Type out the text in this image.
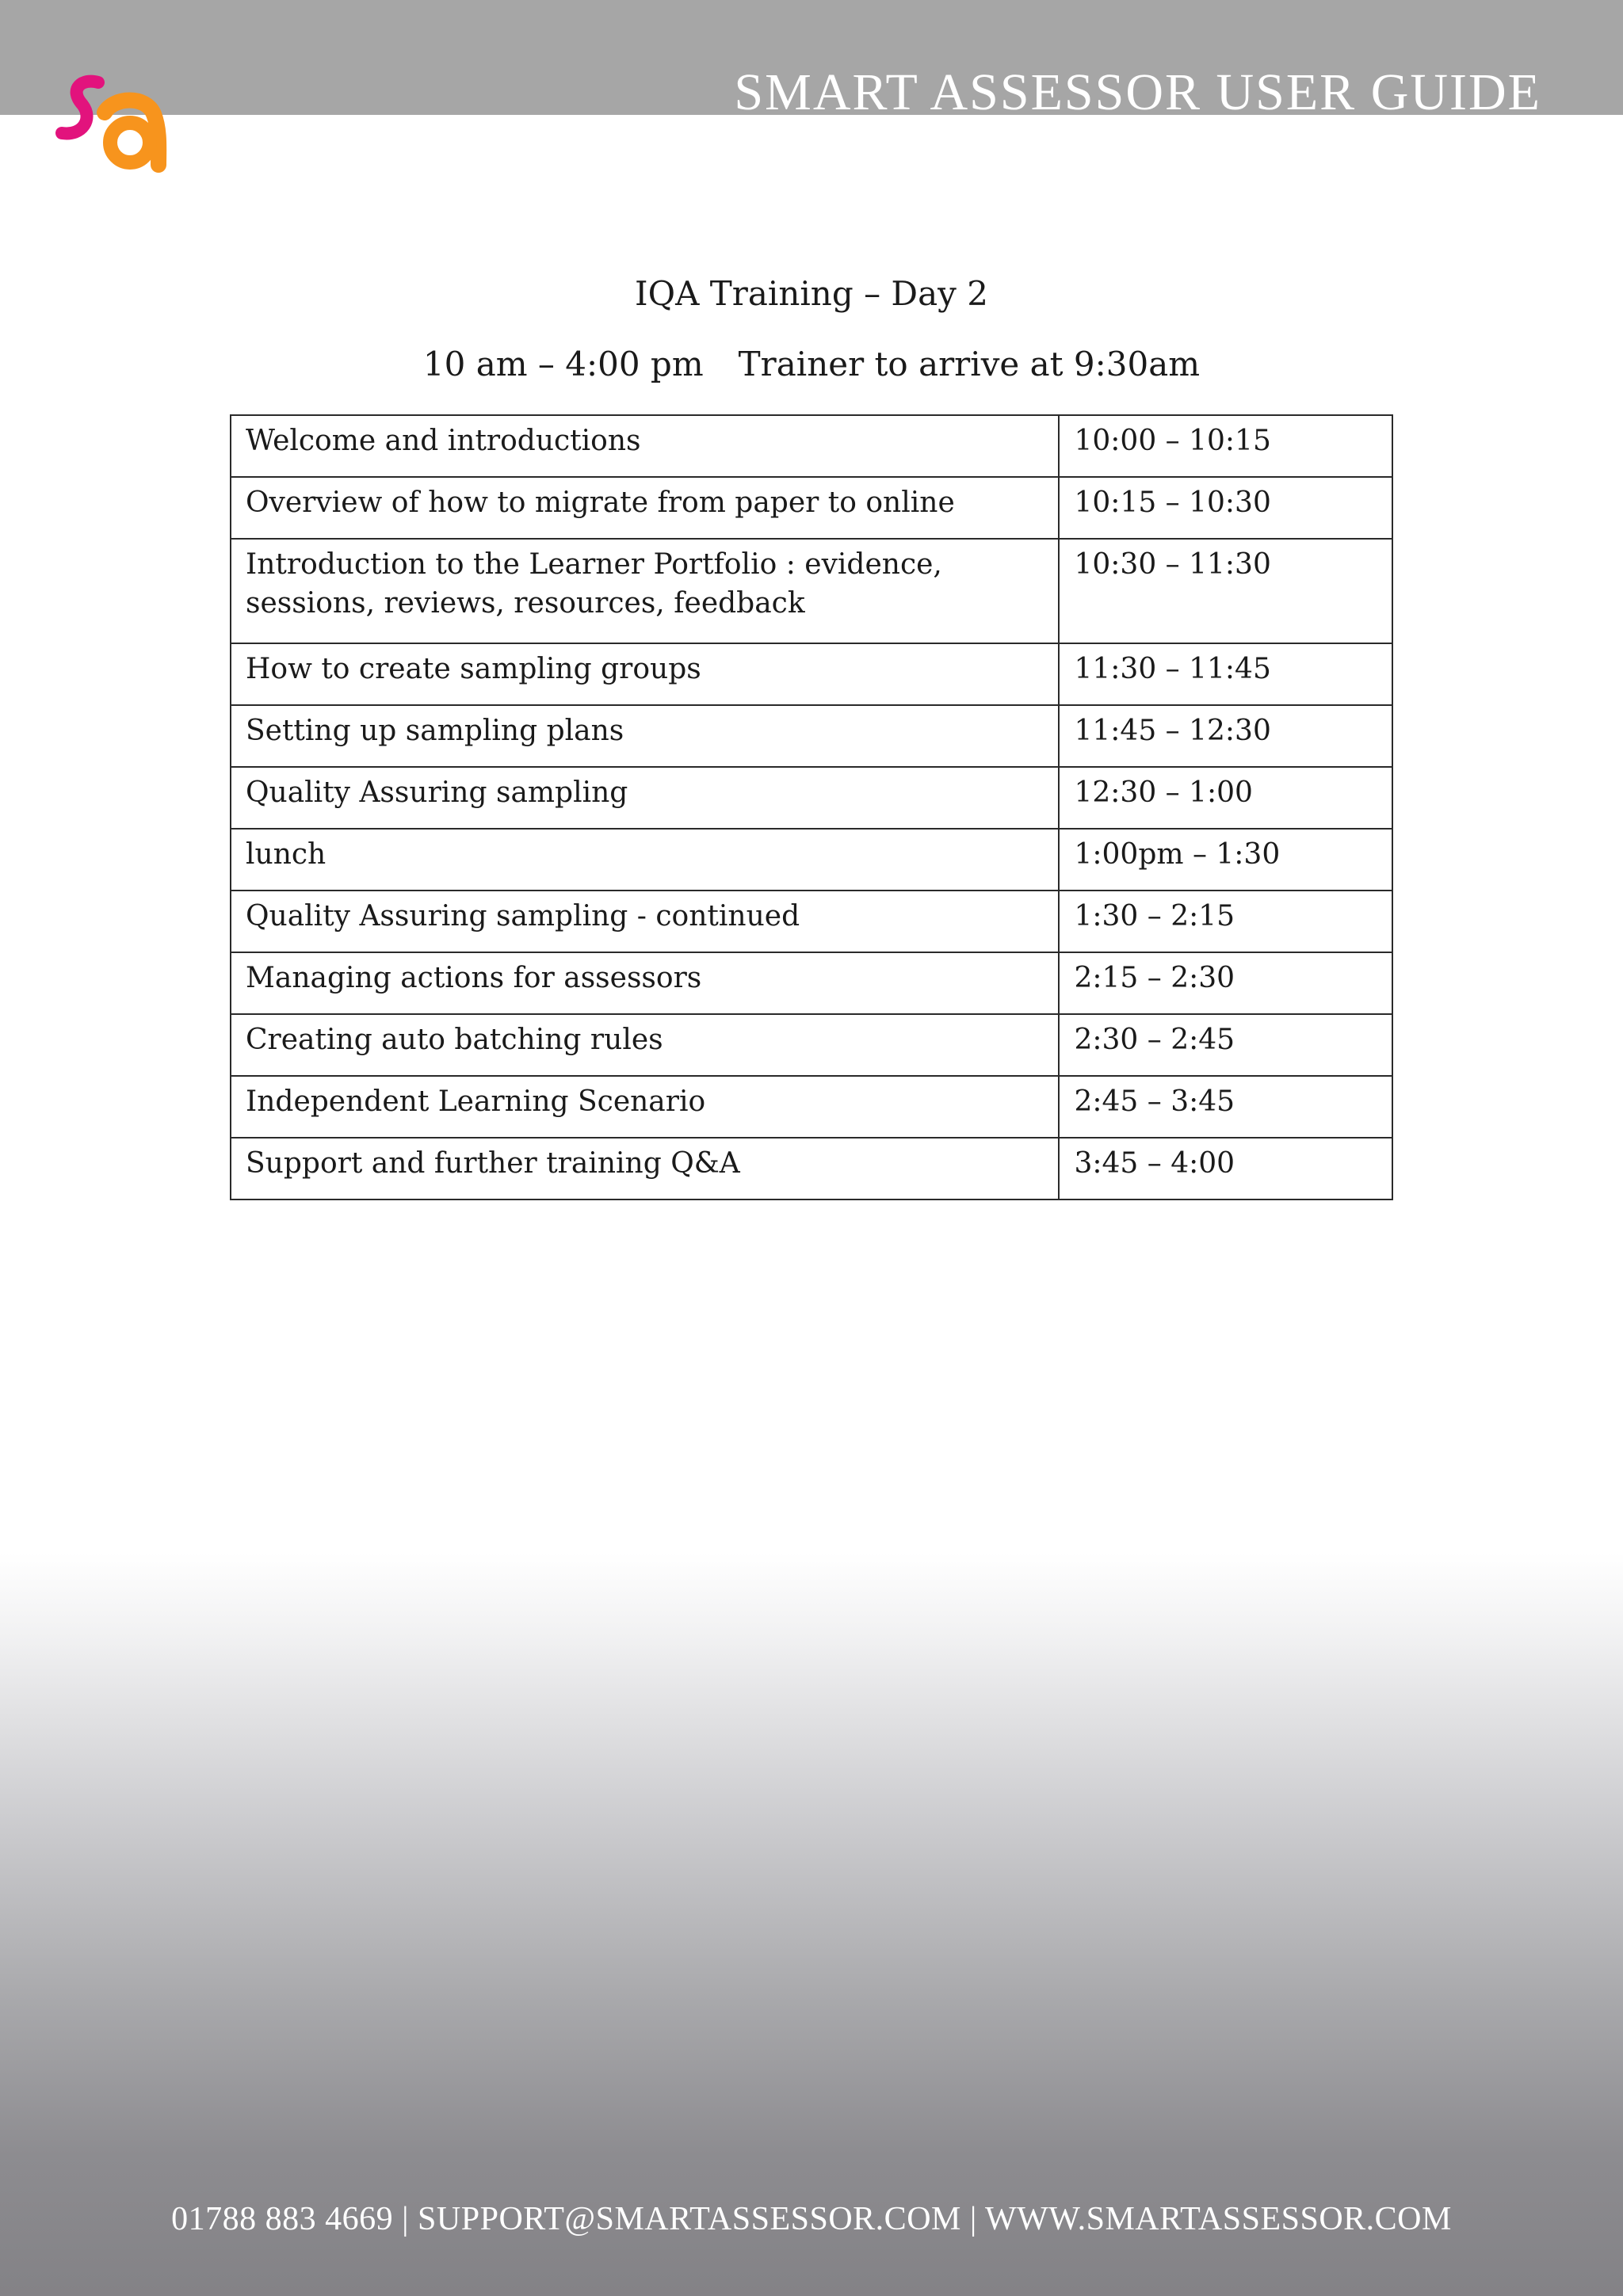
SMART ASSESSOR USER GUIDE
IQA Training – Day 2
10 am – 4:00 pm Trainer to arrive at 9:30am
Welcome and introductions	10:00 – 10:15
Overview of how to migrate from paper to online	10:15 – 10:30
Introduction to the Learner Portfolio : evidence, sessions, reviews, resources, feedback	10:30 – 11:30
How to create sampling groups	11:30 – 11:45
Setting up sampling plans	11:45 – 12:30
Quality Assuring sampling	12:30 – 1:00
lunch	1:00pm – 1:30
Quality Assuring sampling - continued	1:30 – 2:15
Managing actions for assessors	2:15 – 2:30
Creating auto batching rules	2:30 – 2:45
Independent Learning Scenario	2:45 – 3:45
Support and further training Q&A	3:45 – 4:00
01788 883 4669 | SUPPORT@SMARTASSESSOR.COM | WWW.SMARTASSESSOR.COM
